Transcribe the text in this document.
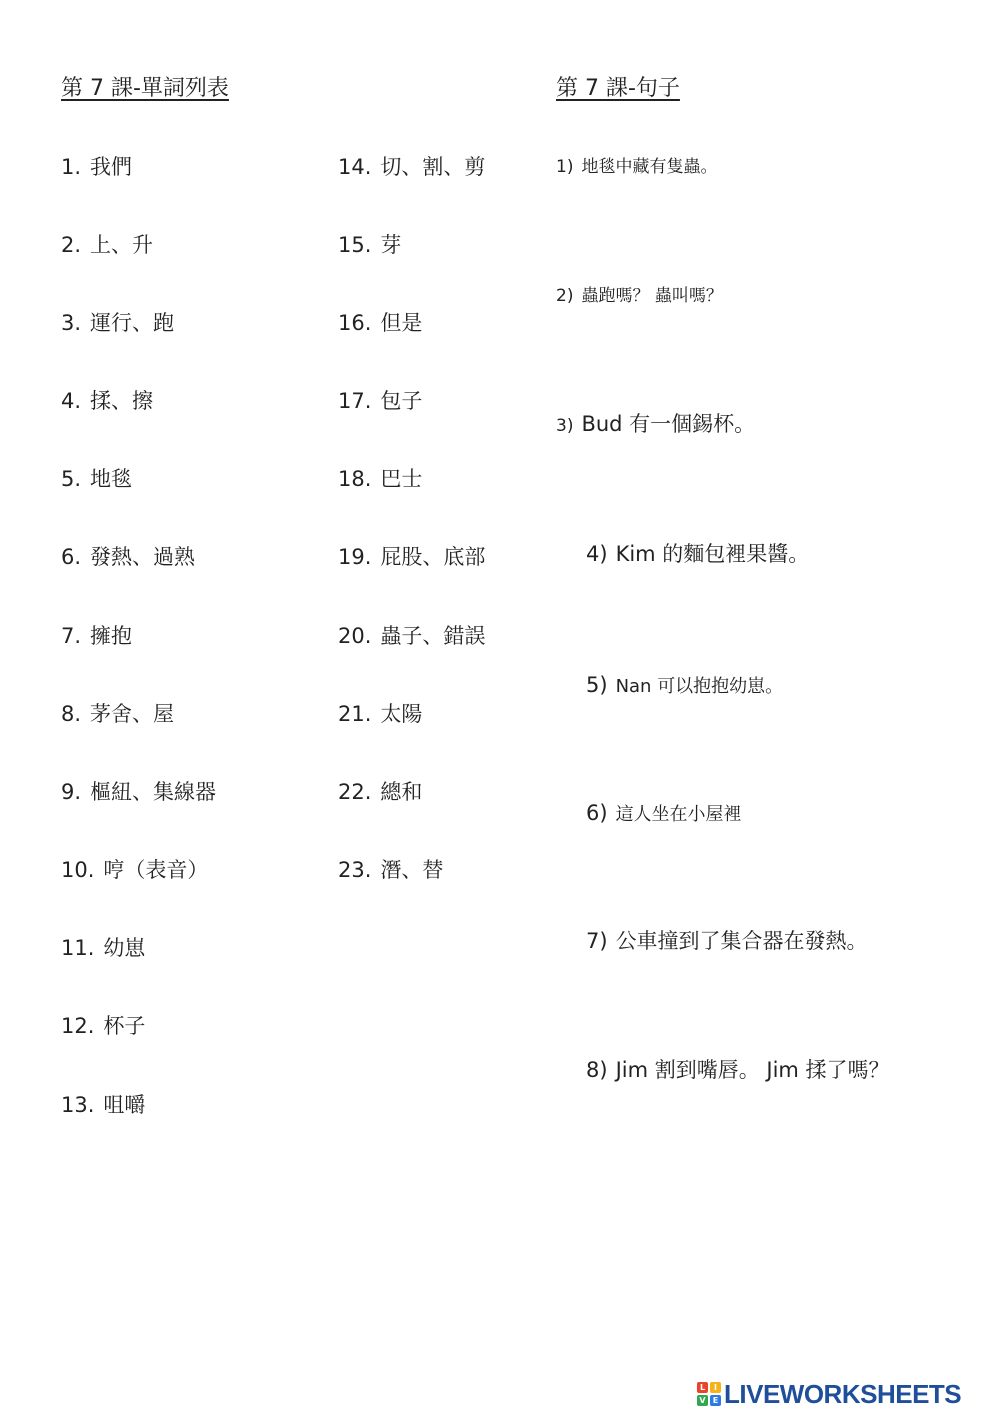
第 7 課-單詞列表	第 7 課-句子
1. 我們
2. 上、升
3. 運行、跑
4. 揉、擦
5. 地毯
6. 發熱、過熟
7. 擁抱
8. 茅舍、屋
9. 樞紐、集線器
10. 哼（表音）
11. 幼崽
12. 杯子
13. 咀嚼
14. 切、割、剪
15. 芽
16. 但是
17. 包子
18. 巴士
19. 屁股、底部
20. 蟲子、錯誤
21. 太陽
22. 總和
23. 潛、替
1) 地毯中藏有隻蟲。
2) 蟲跑嗎？ 蟲叫嗎？
3) Bud 有一個錫杯。
4) Kim 的麵包裡果醬。
5) Nan 可以抱抱幼崽。
6) 這人坐在小屋裡
7) 公車撞到了集合器在發熱。
8) Jim 割到嘴唇。 Jim 揉了嗎？
L	I
V E LIVEWORKSHEETS
